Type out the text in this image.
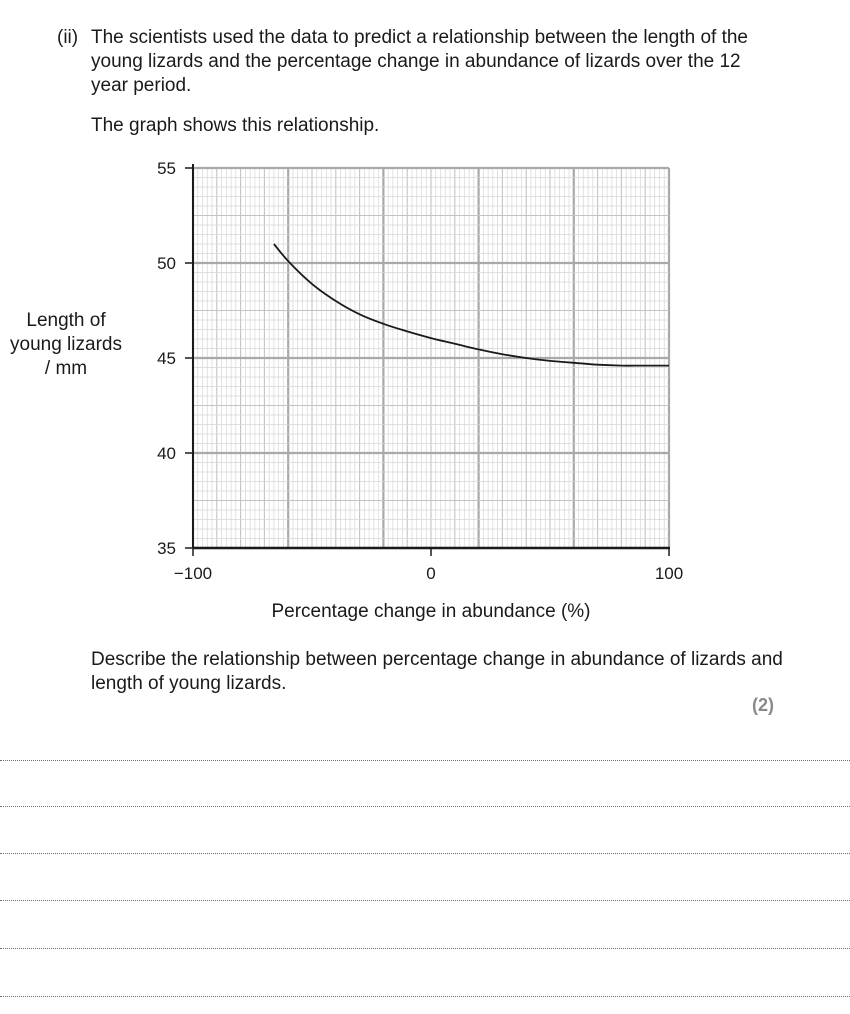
(ii) The scientists used the data to predict a relationship between the length of the young lizards and the percentage change in abundance of lizards over the 12 year period.
The graph shows this relationship.
Length of
young lizards
/ mm
35
40
45
50
55
−100	0	100
Percentage change in abundance (%)
Describe the relationship between percentage change in abundance of lizards and length of young lizards.
(2)
